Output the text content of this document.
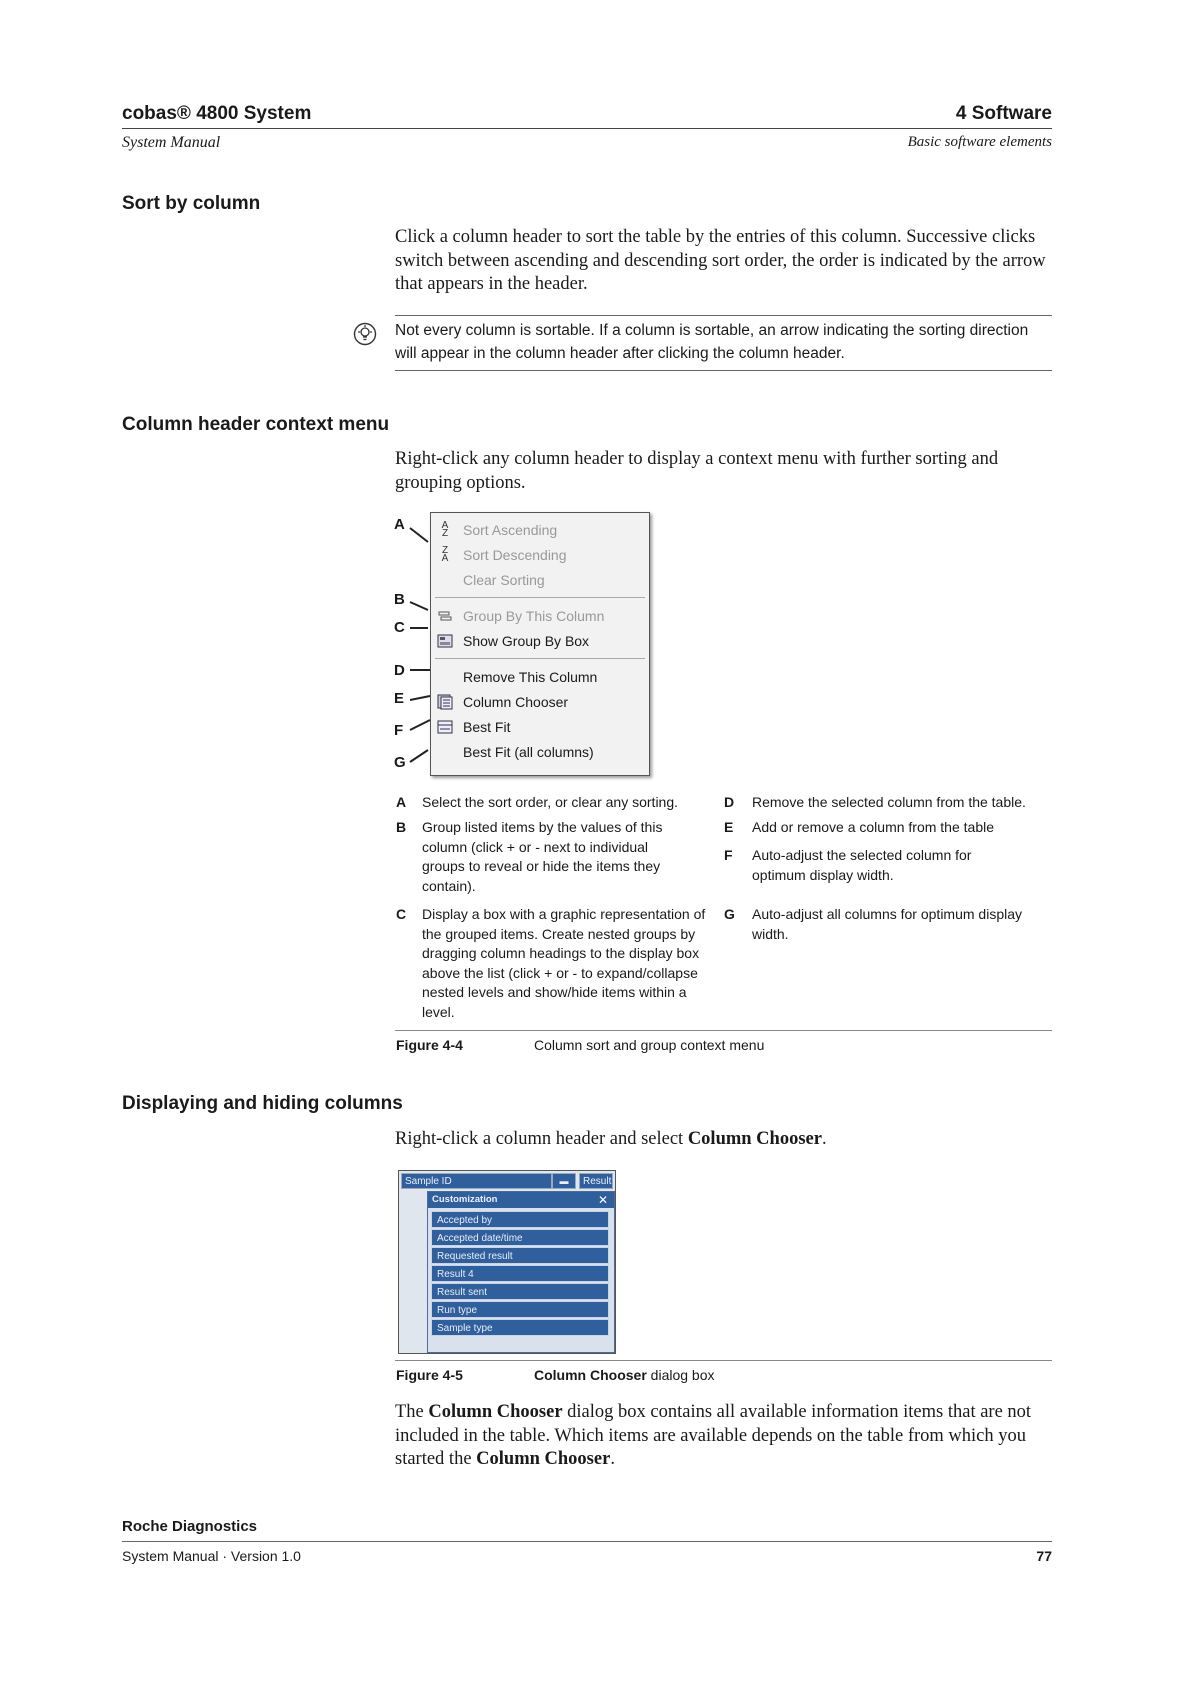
cobas® 4800 System	4 Software
System Manual	Basic software elements
Sort by column
Click a column header to sort the table by the entries of this column. Successive clicks switch between ascending and descending sort order, the order is indicated by the arrow that appears in the header.
Not every column is sortable. If a column is sortable, an arrow indicating the sorting direction will appear in the column header after clicking the column header.
Column header context menu
Right-click any column header to display a context menu with further sorting and grouping options.
A
Z	Sort Ascending
Z
A	Sort Descending
Clear Sorting
Group By This Column
Show Group By Box
Remove This Column
Column Chooser
Best Fit
Best Fit (all columns)
A
B
C
D
E
F
G
A Select the sort order, or clear any sorting.
B Group listed items by the values of this column (click + or - next to individual groups to reveal or hide the items they contain).
C Display a box with a graphic representation of the grouped items. Create nested groups by dragging column headings to the display box above the list (click + or - to expand/collapse nested levels and show/hide items within a level.
D Remove the selected column from the table.
E Add or remove a column from the table
F Auto-adjust the selected column for optimum display width.
G Auto-adjust all columns for optimum display width.
Figure 4-4	Column sort and group context menu
Displaying and hiding columns
Right-click a column header and select Column Chooser.
Sample ID	▬	Result
Customization	✕
Accepted by
Accepted date/time
Requested result
Result 4
Result sent
Run type
Sample type
Figure 4-5	Column Chooser dialog box
The Column Chooser dialog box contains all available information items that are not included in the table. Which items are available depends on the table from which you started the Column Chooser.
Roche Diagnostics
System Manual · Version 1.0	77
